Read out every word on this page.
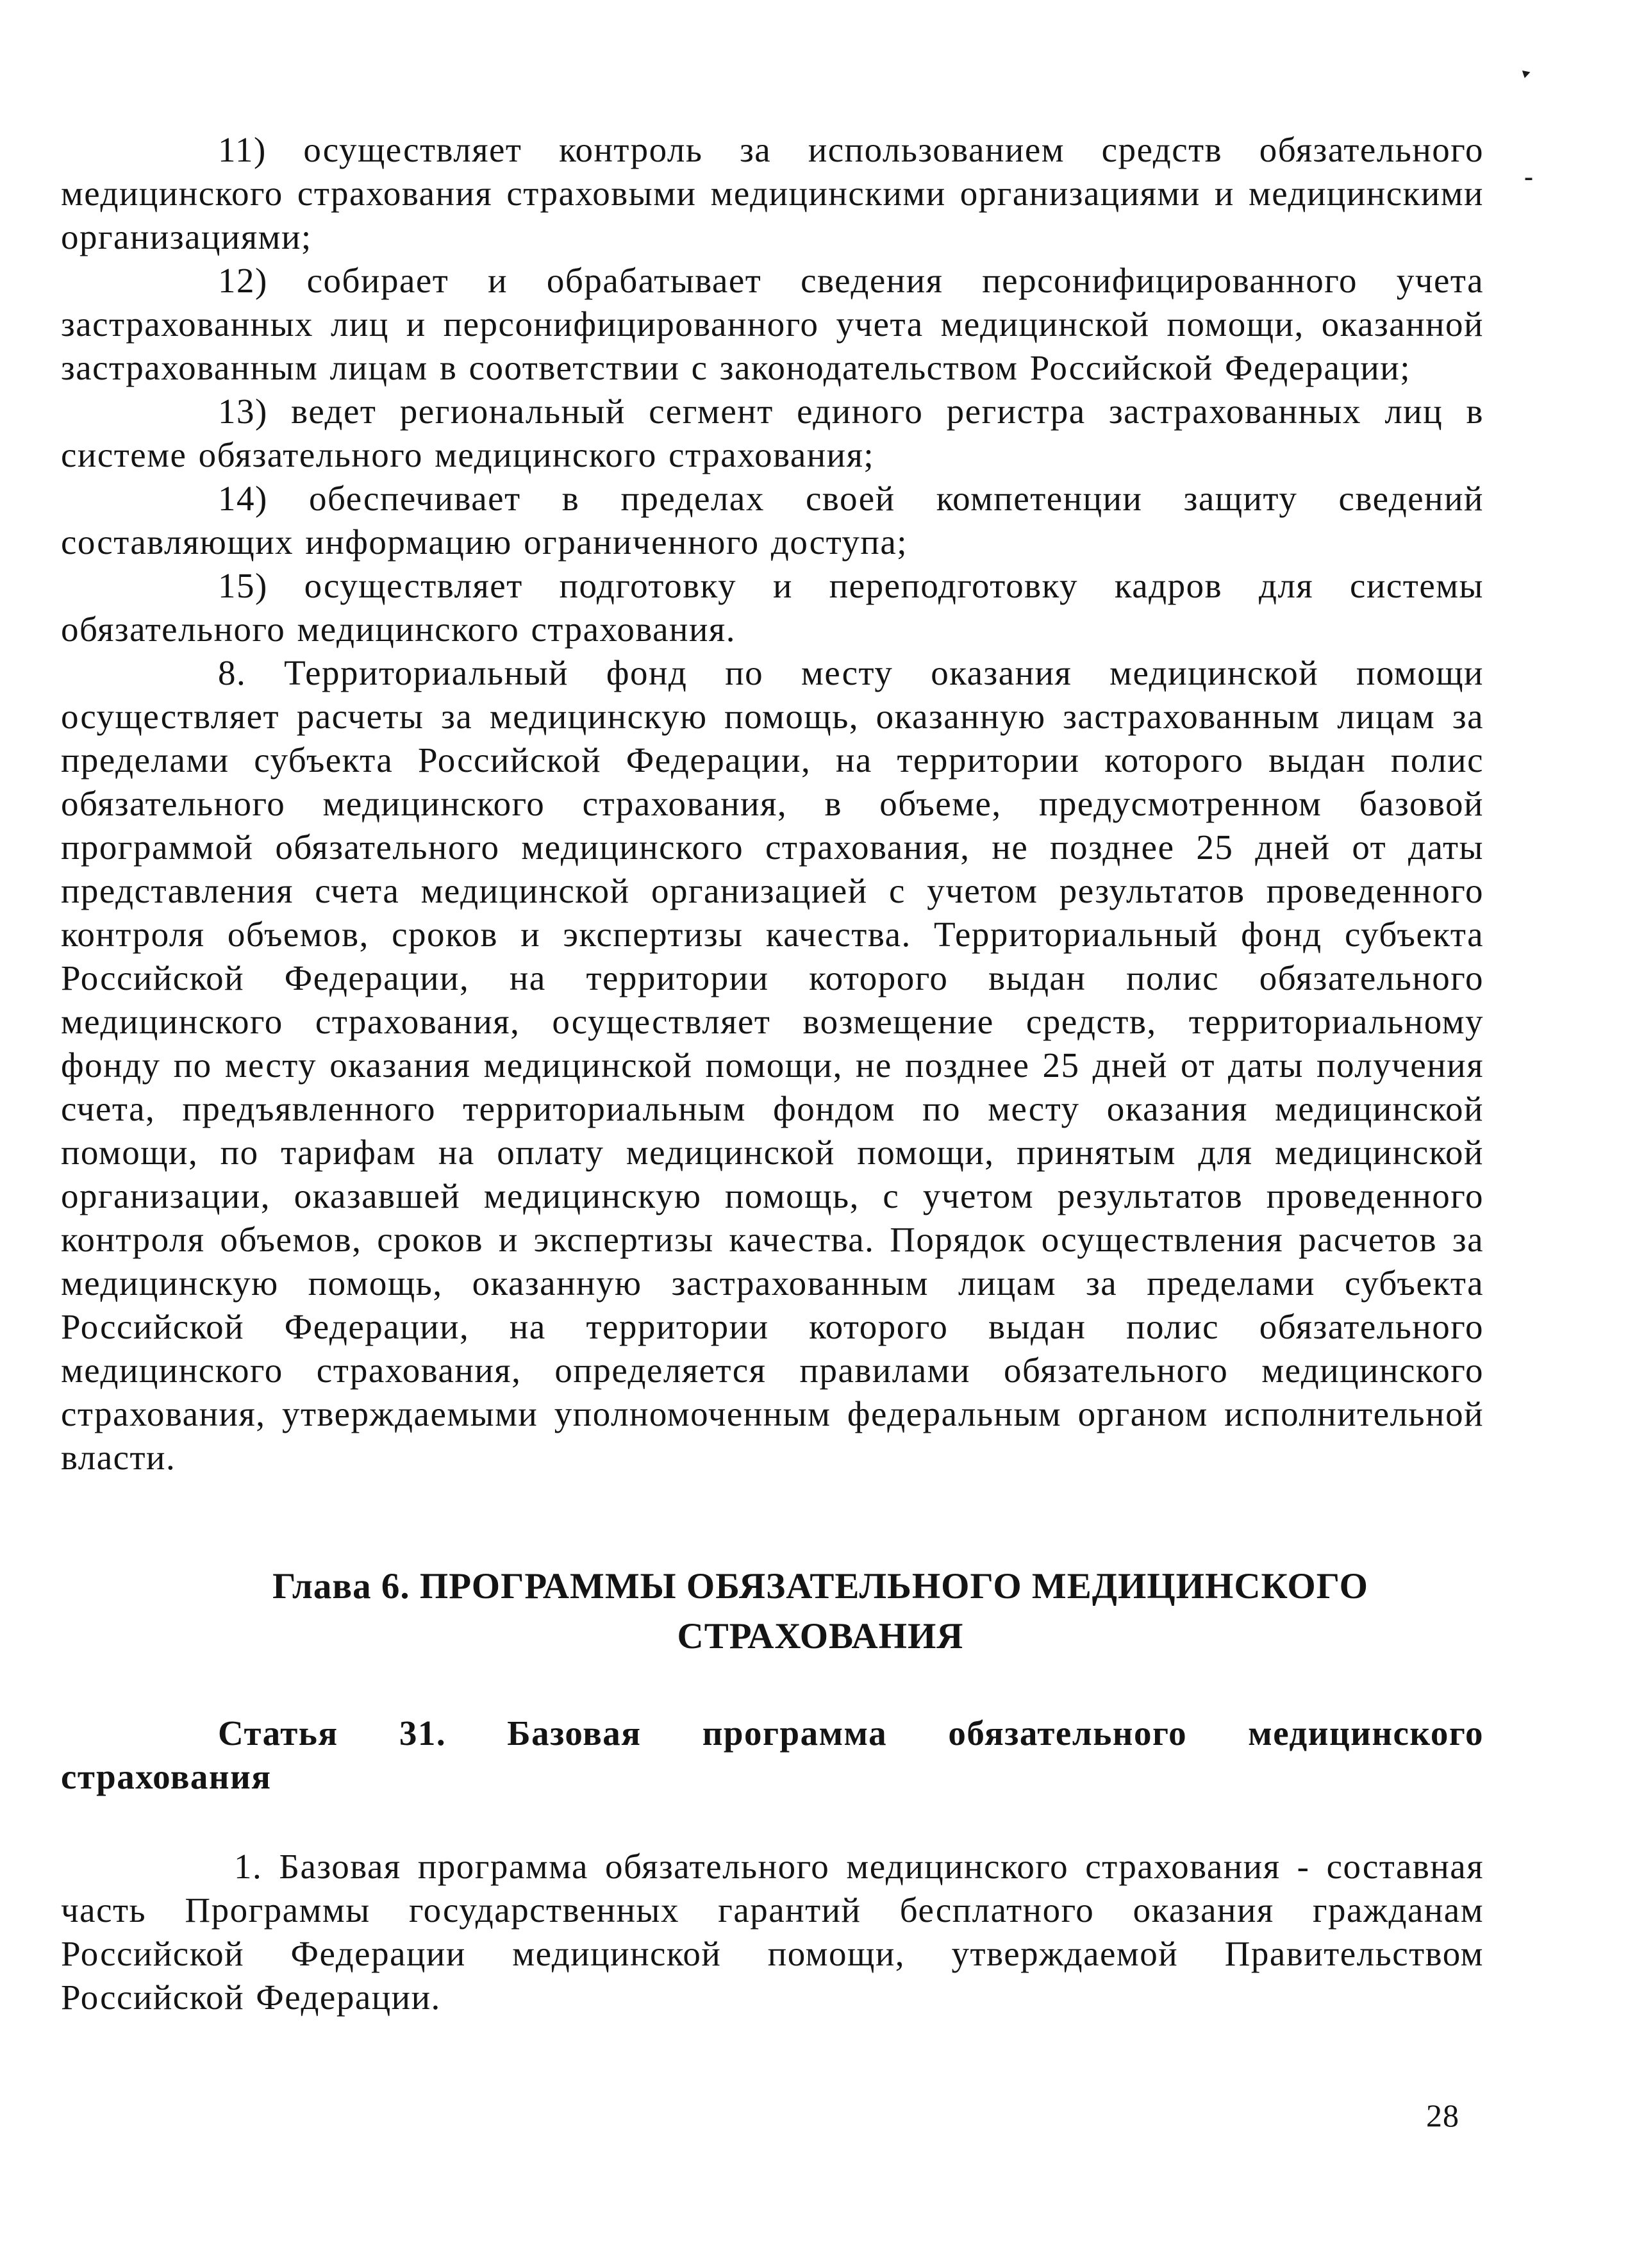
‣
-

11) осуществляет контроль за использованием средств обязательного медицинского страхования страховыми медицинскими организациями и медицинскими организациями;

12) собирает и обрабатывает сведения персонифицированного учета застрахованных лиц и персонифицированного учета медицинской помощи, оказанной застрахованным лицам в соответствии с законодательством Российской Федерации;

13) ведет региональный сегмент единого регистра застрахованных лиц в системе обязательного медицинского страхования;

14) обеспечивает в пределах своей компетенции защиту сведений составляющих информацию ограниченного доступа;

15) осуществляет подготовку и переподготовку кадров для системы обязательного медицинского страхования.

8. Территориальный фонд по месту оказания медицинской помощи осуществляет расчеты за медицинскую помощь, оказанную застрахованным лицам за пределами субъекта Российской Федерации, на территории которого выдан полис обязательного медицинского страхования, в объеме, предусмотренном базовой программой обязательного медицинского страхования, не позднее 25 дней от даты представления счета медицинской организацией с учетом результатов проведенного контроля объемов, сроков и экспертизы качества. Территориальный фонд субъекта Российской Федерации, на территории которого выдан полис обязательного медицинского страхования, осуществляет возмещение средств, территориальному фонду по месту оказания медицинской помощи, не позднее 25 дней от даты получения счета, предъявленного территориальным фондом по месту оказания медицинской помощи, по тарифам на оплату медицинской помощи, принятым для медицинской организации, оказавшей медицинскую помощь, с учетом результатов проведенного контроля объемов, сроков и экспертизы качества. Порядок осуществления расчетов за медицинскую помощь, оказанную застрахованным лицам за пределами субъекта Российской Федерации, на территории которого выдан полис обязательного медицинского страхования, определяется правилами обязательного медицинского страхования, утверждаемыми уполномоченным федеральным органом исполнительной власти.

Глава 6. ПРОГРАММЫ ОБЯЗАТЕЛЬНОГО МЕДИЦИНСКОГО
СТРАХОВАНИЯ
Статья 31. Базовая программа обязательного медицинского
страхования

1. Базовая программа обязательного медицинского страхования - составная часть Программы государственных гарантий бесплатного оказания гражданам Российской Федерации медицинской помощи, утверждаемой Правительством Российской Федерации.

28
